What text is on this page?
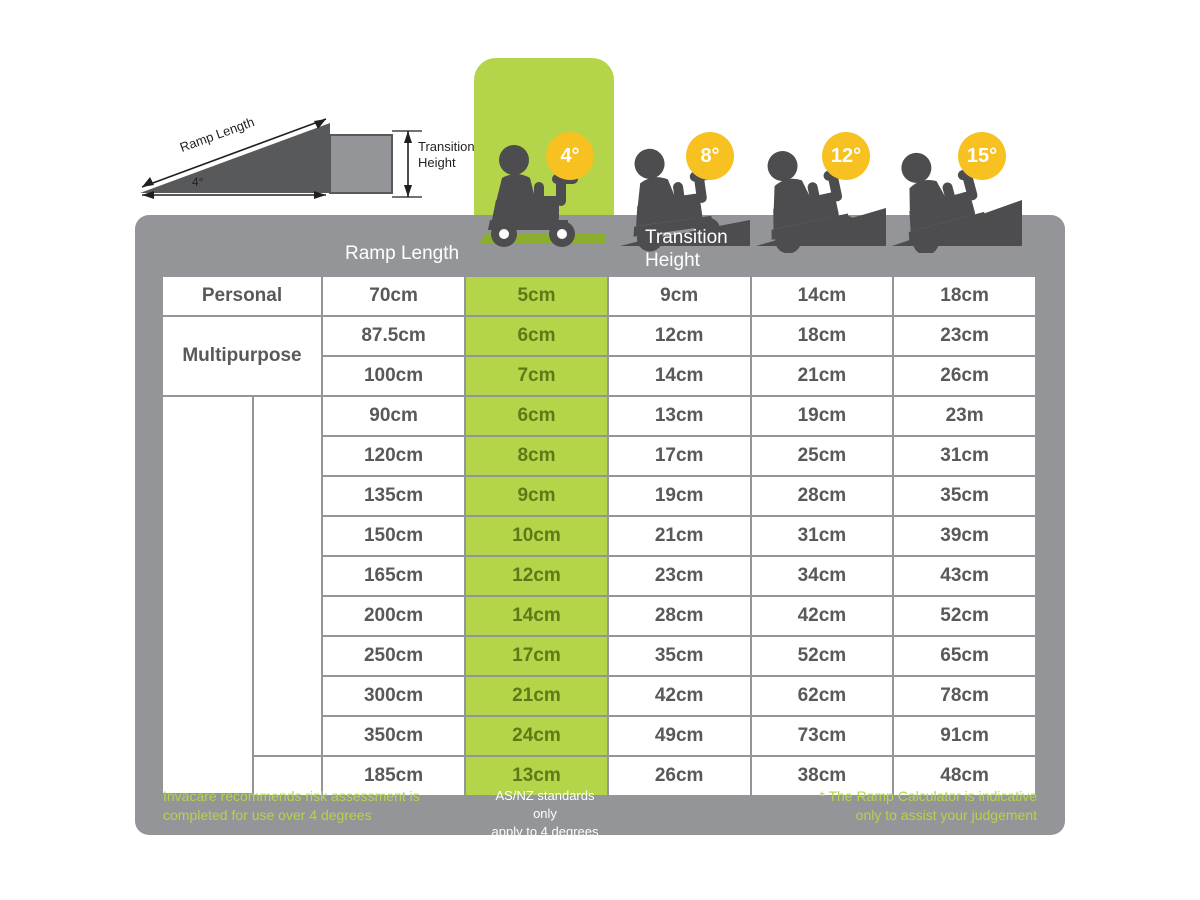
Ramp Length
4°
Transition
Height	4°	8°	12°	15°
Ramp Length
Transition
Height
Personal		70cm	5cm	9cm	14cm	18cm
Multipurpose		87.5cm	6cm	12cm	18cm	23cm
		100cm	7cm	14cm	21cm	26cm
Senior	EBL	90cm	6cm	13cm	19cm	23m
		120cm	8cm	17cm	25cm	31cm
		135cm	9cm	19cm	28cm	35cm
		150cm	10cm	21cm	31cm	39cm
		165cm	12cm	23cm	34cm	43cm
		200cm	14cm	28cm	42cm	52cm
		250cm	17cm	35cm	52cm	65cm
		300cm	21cm	42cm	62cm	78cm
		350cm	24cm	49cm	73cm	91cm
		185cm	13cm	26cm	38cm	48cm
Invacare recommends risk assessment is
completed for use over 4 degrees
AS/NZ standards only
apply to 4 degrees
* The Ramp Calculator is indicative
only to assist your judgement
